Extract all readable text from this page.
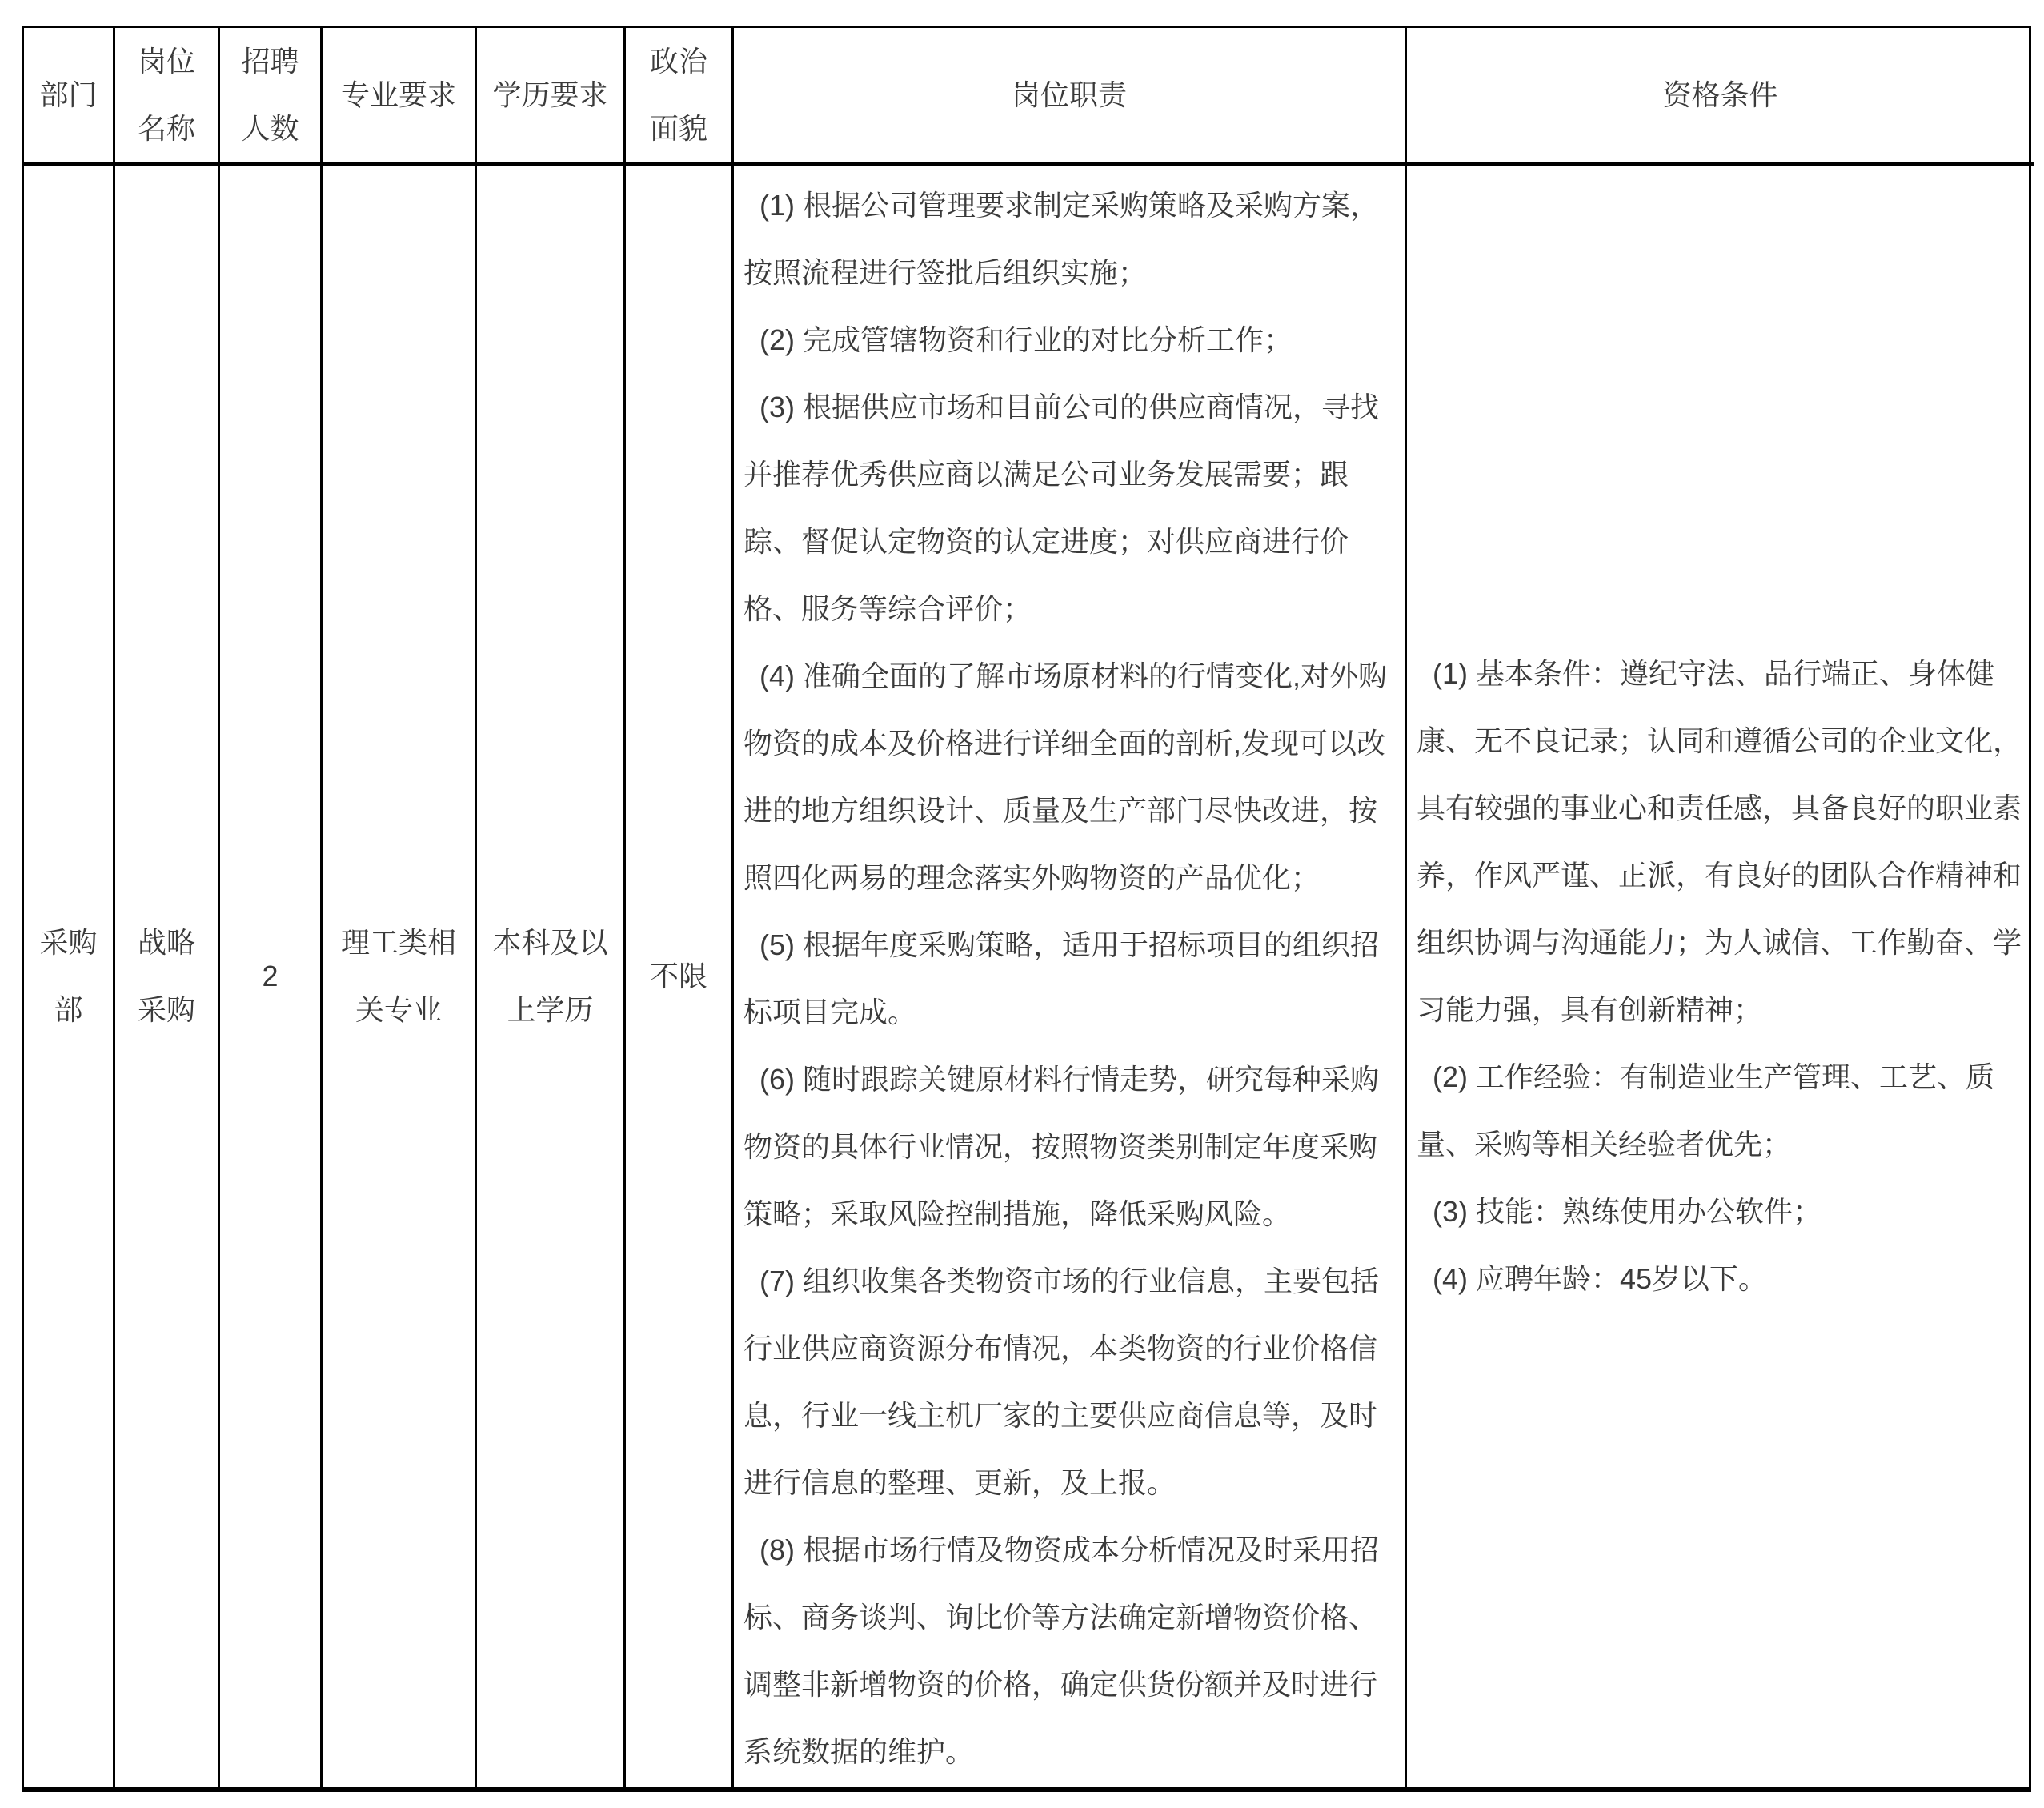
部门
岗位
名称
招聘
人数
专业要求 学历要求
政治
面貌
岗位职责	资格条件
采购
部
战略
采购
2
理工类相
关专业
本科及以
上学历
不限
(1) 根据公司管理要求制定采购策略及采购方案，
按照流程进行签批后组织实施；
(2) 完成管辖物资和行业的对比分析工作；
(3) 根据供应市场和目前公司的供应商情况，寻找
并推荐优秀供应商以满足公司业务发展需要；跟
踪、督促认定物资的认定进度；对供应商进行价
格、服务等综合评价；
(4) 准确全面的了解市场原材料的行情变化,对外购
物资的成本及价格进行详细全面的剖析,发现可以改
进的地方组织设计、质量及生产部门尽快改进，按
照四化两易的理念落实外购物资的产品优化；
(5) 根据年度采购策略，适用于招标项目的组织招
标项目完成。
(6) 随时跟踪关键原材料行情走势，研究每种采购
物资的具体行业情况，按照物资类别制定年度采购
策略；采取风险控制措施，降低采购风险。
(7) 组织收集各类物资市场的行业信息，主要包括
行业供应商资源分布情况，本类物资的行业价格信
息，行业一线主机厂家的主要供应商信息等，及时
进行信息的整理、更新，及上报。
(8) 根据市场行情及物资成本分析情况及时采用招
标、商务谈判、询比价等方法确定新增物资价格、
调整非新增物资的价格，确定供货份额并及时进行
系统数据的维护。
(1) 基本条件：遵纪守法、品行端正、身体健
康、无不良记录；认同和遵循公司的企业文化，
具有较强的事业心和责任感，具备良好的职业素
养，作风严谨、正派，有良好的团队合作精神和
组织协调与沟通能力；为人诚信、工作勤奋、学
习能力强，具有创新精神；
(2) 工作经验：有制造业生产管理、工艺、质
量、采购等相关经验者优先；
(3) 技能：熟练使用办公软件；
(4) 应聘年龄：45岁以下。
